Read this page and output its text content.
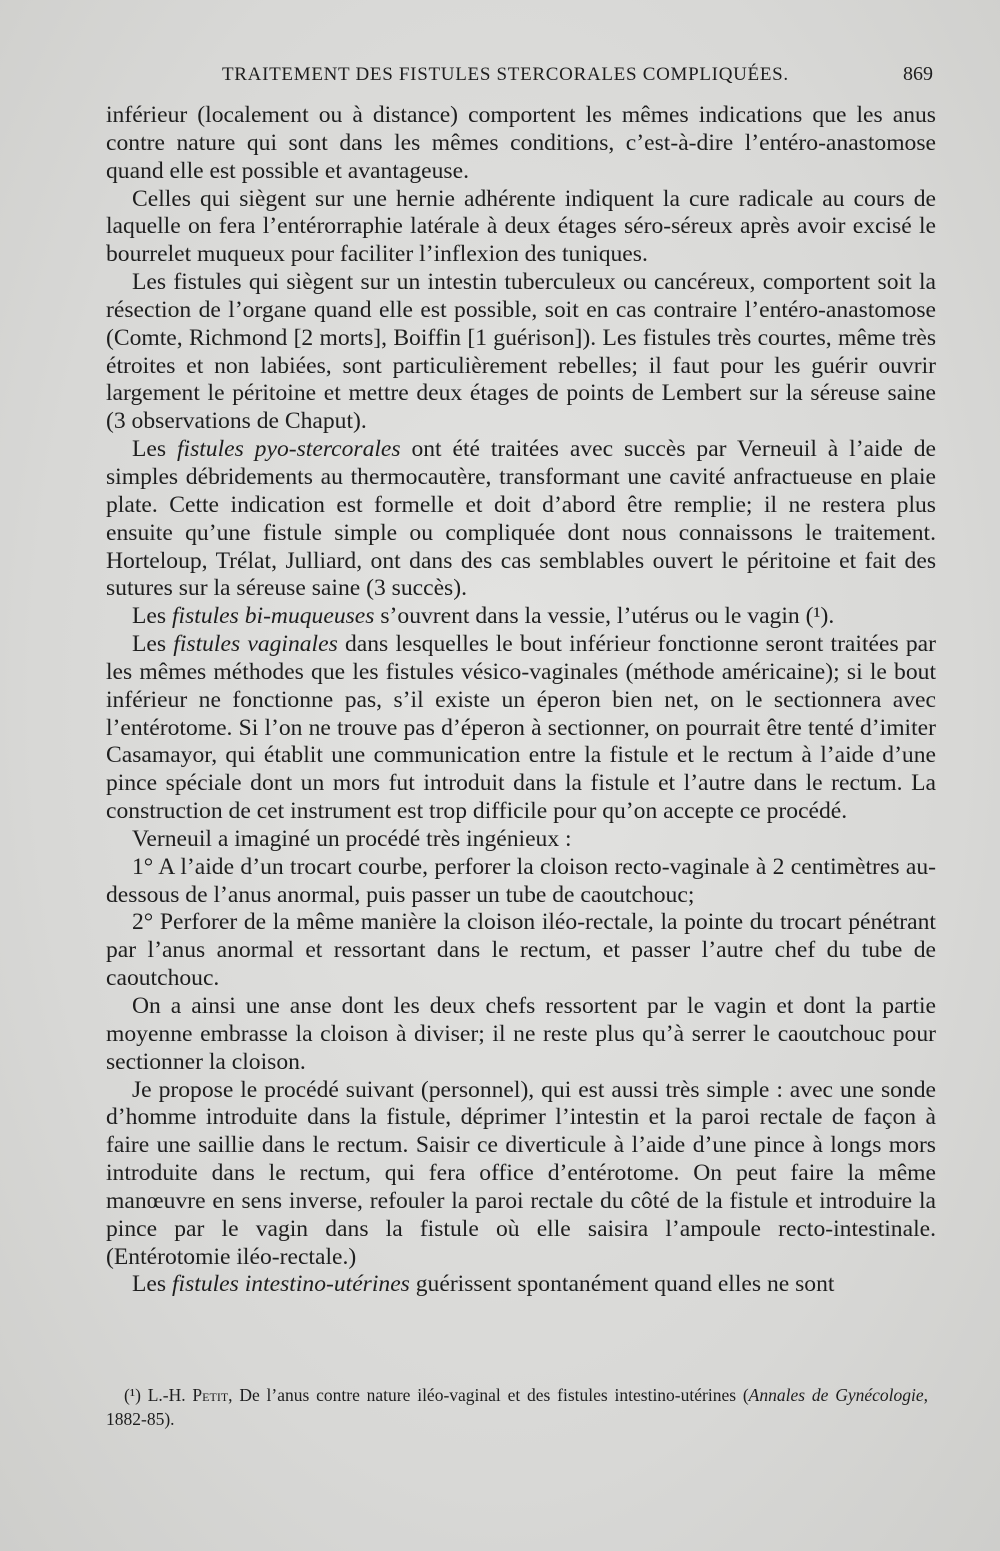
TRAITEMENT DES FISTULES STERCORALES COMPLIQUÉES.	869

inférieur (localement ou à distance) comportent les mêmes indications que les anus contre nature qui sont dans les mêmes conditions, c’est-à-dire l’entéro-anastomose quand elle est possible et avantageuse.

Celles qui siègent sur une hernie adhérente indiquent la cure radicale au cours de laquelle on fera l’entérorraphie latérale à deux étages séro-séreux après avoir excisé le bourrelet muqueux pour faciliter l’inflexion des tuniques.

Les fistules qui siègent sur un intestin tuberculeux ou cancéreux, comportent soit la résection de l’organe quand elle est possible, soit en cas contraire l’entéro-anastomose (Comte, Richmond [2 morts], Boiffin [1 guérison]). Les fistules très courtes, même très étroites et non labiées, sont particulièrement rebelles; il faut pour les guérir ouvrir largement le péritoine et mettre deux étages de points de Lembert sur la séreuse saine (3 observations de Chaput).

Les fistules pyo-stercorales ont été traitées avec succès par Verneuil à l’aide de simples débridements au thermocautère, transformant une cavité anfractueuse en plaie plate. Cette indication est formelle et doit d’abord être remplie; il ne restera plus ensuite qu’une fistule simple ou compliquée dont nous connaissons le traitement. Horteloup, Trélat, Julliard, ont dans des cas semblables ouvert le péritoine et fait des sutures sur la séreuse saine (3 succès).

Les fistules bi-muqueuses s’ouvrent dans la vessie, l’utérus ou le vagin (¹).

Les fistules vaginales dans lesquelles le bout inférieur fonctionne seront traitées par les mêmes méthodes que les fistules vésico-vaginales (méthode américaine); si le bout inférieur ne fonctionne pas, s’il existe un éperon bien net, on le sectionnera avec l’entérotome. Si l’on ne trouve pas d’éperon à sectionner, on pourrait être tenté d’imiter Casamayor, qui établit une communication entre la fistule et le rectum à l’aide d’une pince spéciale dont un mors fut introduit dans la fistule et l’autre dans le rectum. La construction de cet instrument est trop difficile pour qu’on accepte ce procédé.

Verneuil a imaginé un procédé très ingénieux :

1° A l’aide d’un trocart courbe, perforer la cloison recto-vaginale à 2 centimètres au-dessous de l’anus anormal, puis passer un tube de caoutchouc;

2° Perforer de la même manière la cloison iléo-rectale, la pointe du trocart pénétrant par l’anus anormal et ressortant dans le rectum, et passer l’autre chef du tube de caoutchouc.

On a ainsi une anse dont les deux chefs ressortent par le vagin et dont la partie moyenne embrasse la cloison à diviser; il ne reste plus qu’à serrer le caoutchouc pour sectionner la cloison.

Je propose le procédé suivant (personnel), qui est aussi très simple : avec une sonde d’homme introduite dans la fistule, déprimer l’intestin et la paroi rectale de façon à faire une saillie dans le rectum. Saisir ce diverticule à l’aide d’une pince à longs mors introduite dans le rectum, qui fera office d’entérotome. On peut faire la même manœuvre en sens inverse, refouler la paroi rectale du côté de la fistule et introduire la pince par le vagin dans la fistule où elle saisira l’ampoule recto-intestinale. (Entérotomie iléo-rectale.)

Les fistules intestino-utérines guérissent spontanément quand elles ne sont

(¹) L.-H. Petit, De l’anus contre nature iléo-vaginal et des fistules intestino-utérines (Annales de Gynécologie, 1882-85).
